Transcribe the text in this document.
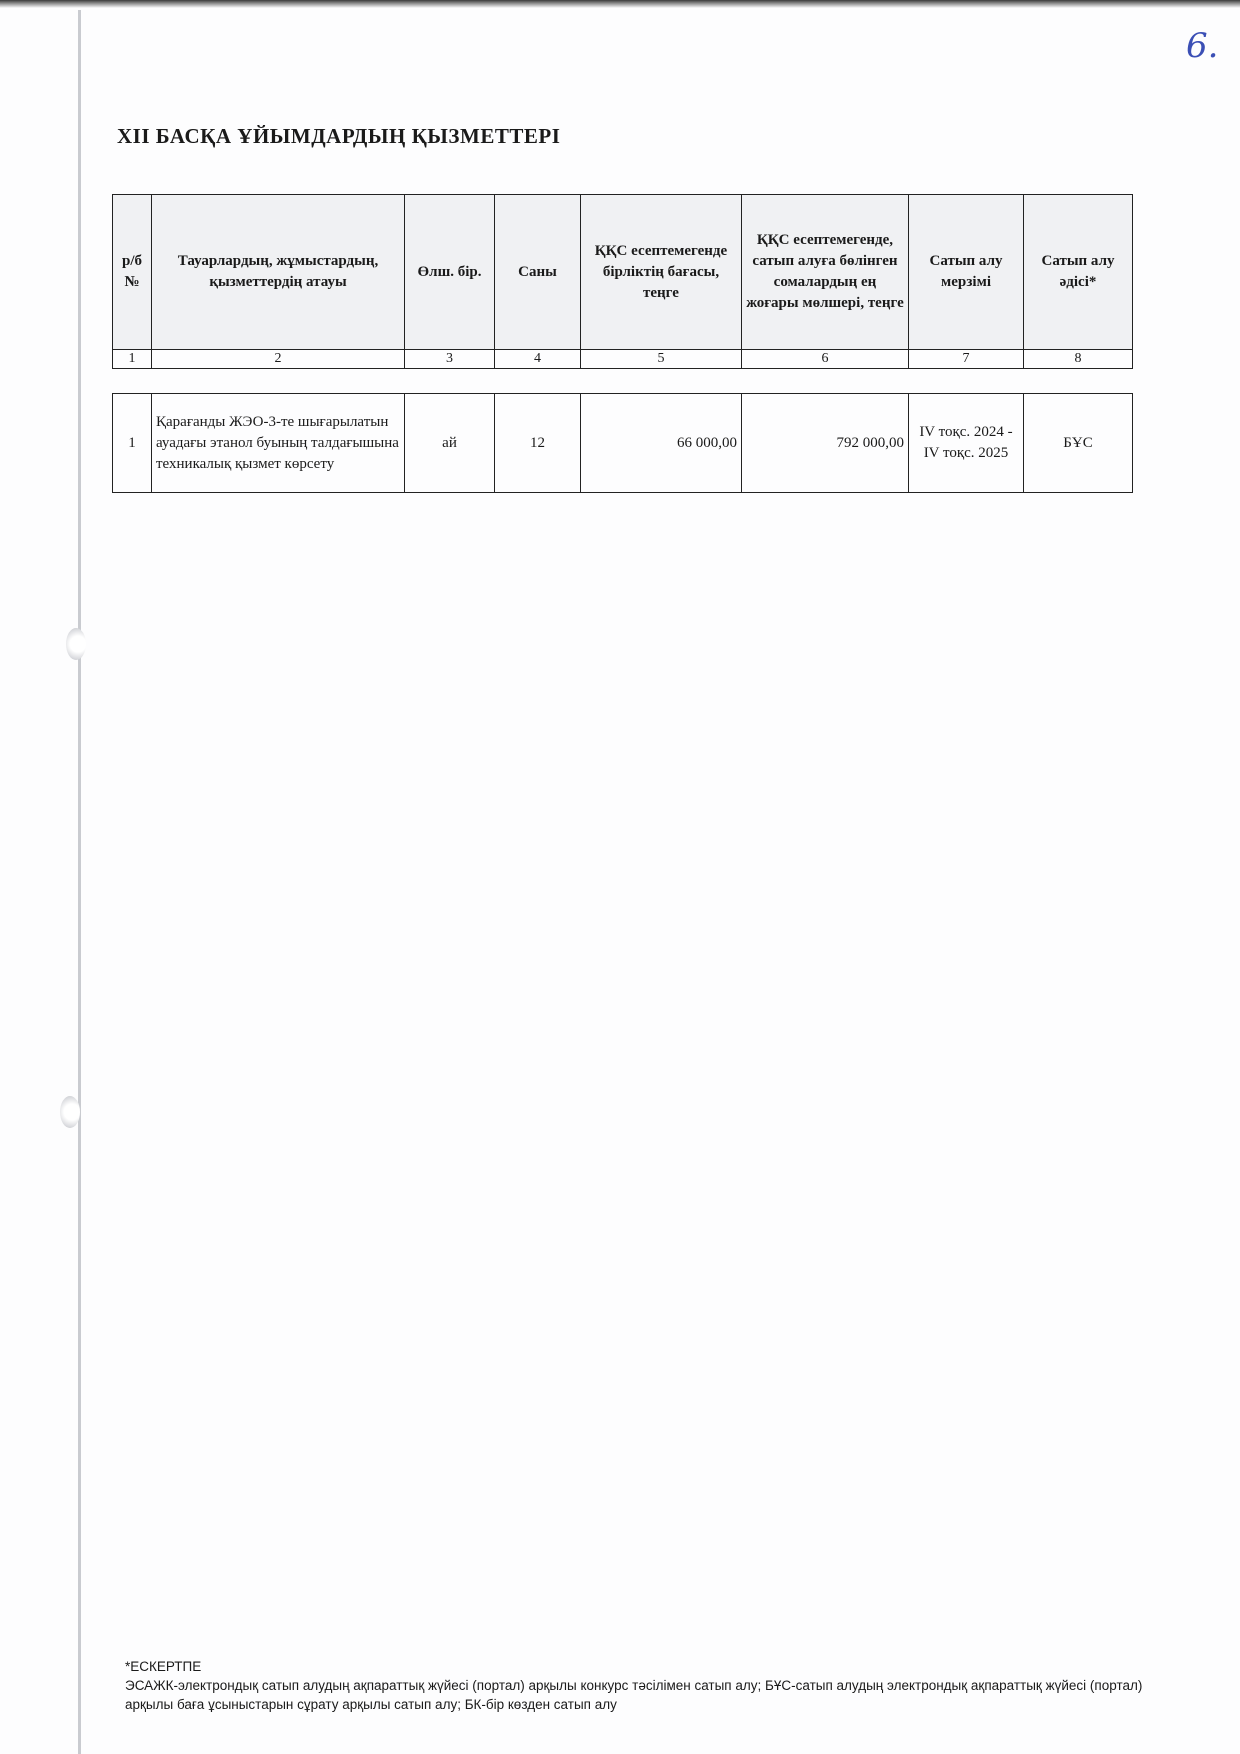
6.
XII БАСҚА ҰЙЫМДАРДЫҢ ҚЫЗМЕТТЕРІ
р/б №	Тауарлардың, жұмыстардың, қызметтердің атауы	Өлш. бір.	Саны	ҚҚС есептемегенде бірліктің бағасы, теңге	ҚҚС есептемегенде, сатып алуға бөлінген сомалардың ең жоғары мөлшері, теңге	Сатып алу мерзімі	Сатып алу әдісі*
1	2	3	4	5	6	7	8

1	Қарағанды ЖЭО-3-те шығарылатын ауадағы этанол буының талдағышына техникалық қызмет көрсету	ай	12	66 000,00	792 000,00	IV тоқс. 2024 - IV тоқс. 2025	БҰС
*ЕСКЕРТПЕ
ЭСАЖК-электрондық сатып алудың ақпараттық жүйесі (портал) арқылы конкурс тәсілімен сатып алу; БҰС-сатып алудың электрондық ақпараттық жүйесі (портал) арқылы баға ұсыныстарын сұрату арқылы сатып алу; БК-бір көзден сатып алу
